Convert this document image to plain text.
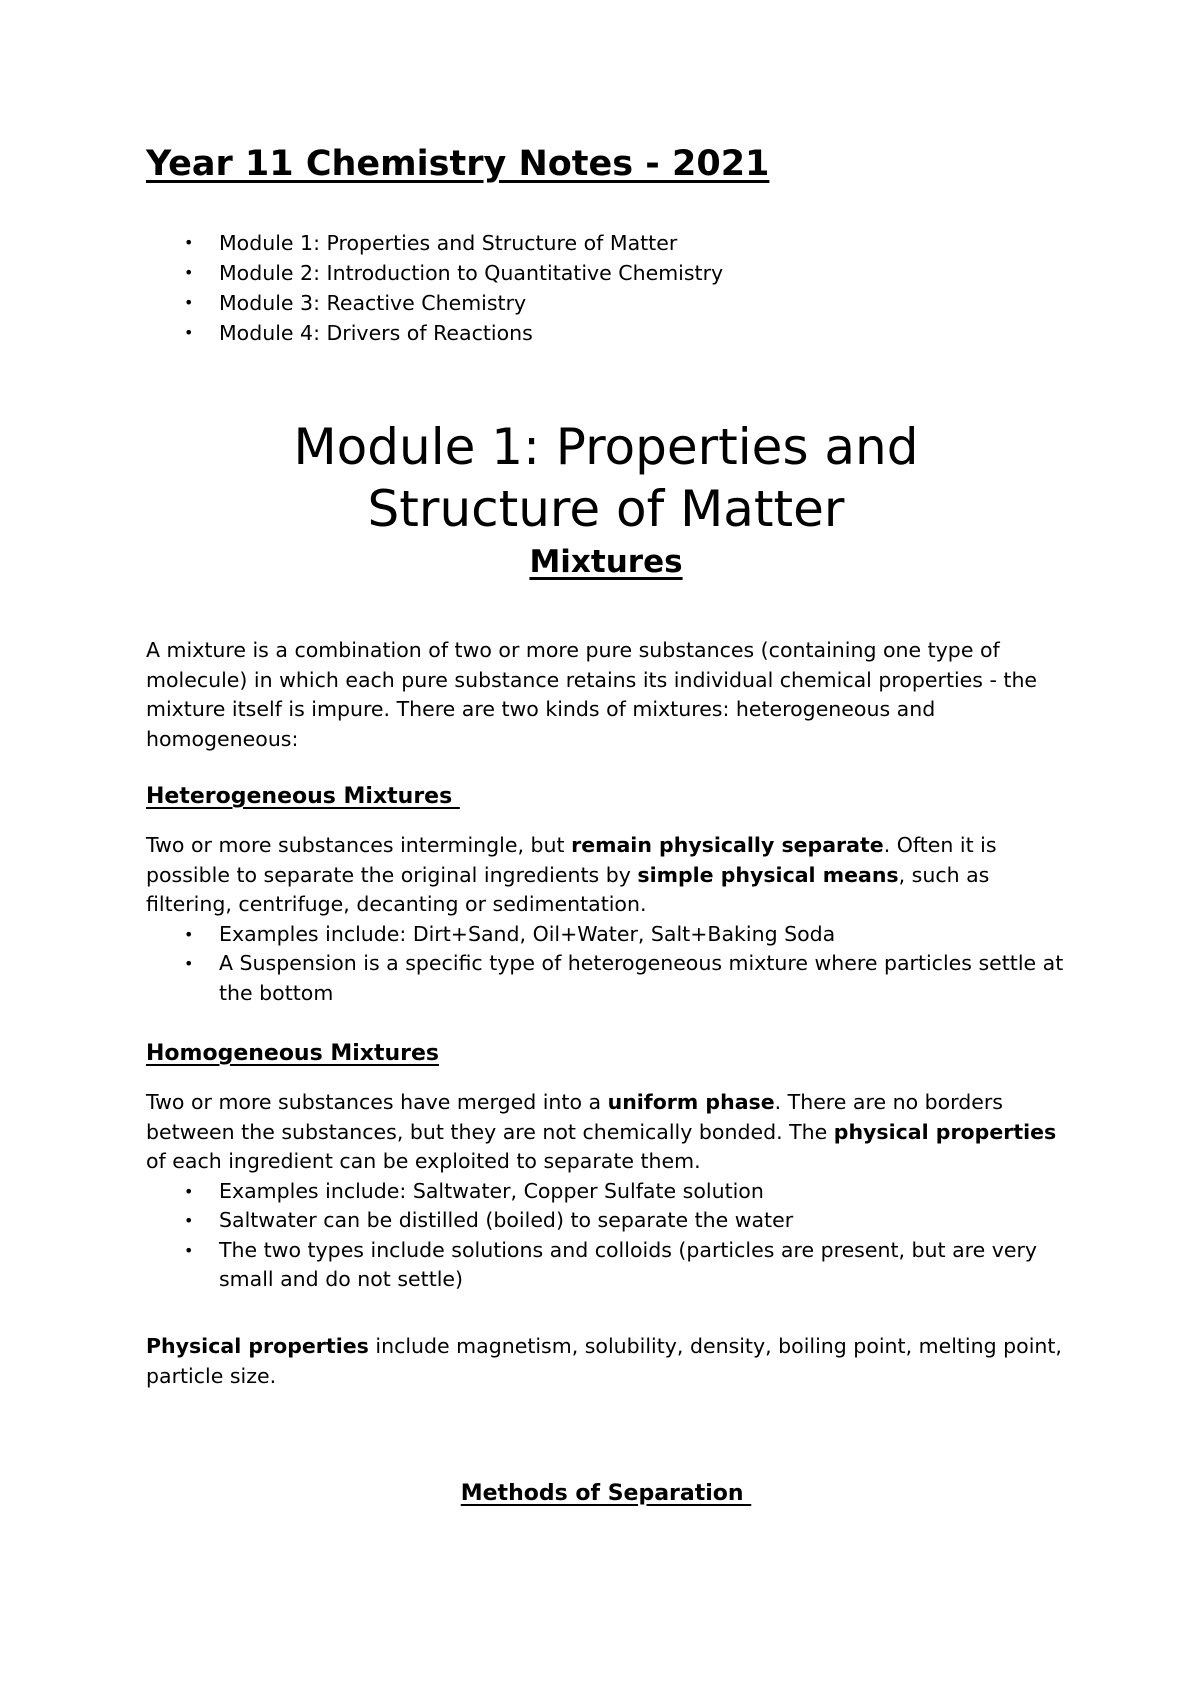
Year 11 Chemistry Notes - 2021
• Module 1: Properties and Structure of Matter
• Module 2: Introduction to Quantitative Chemistry
• Module 3: Reactive Chemistry
• Module 4: Drivers of Reactions
Module 1: Properties and
Structure of Matter
Mixtures

A mixture is a combination of two or more pure substances (containing one type of molecule) in which each pure substance retains its individual chemical properties - the mixture itself is impure. There are two kinds of mixtures: heterogeneous and homogeneous:

Heterogeneous Mixtures

Two or more substances intermingle, but remain physically separate. Often it is possible to separate the original ingredients by simple physical means, such as filtering, centrifuge, decanting or sedimentation.

• Examples include: Dirt+Sand, Oil+Water, Salt+Baking Soda
• A Suspension is a specific type of heterogeneous mixture where particles settle at the bottom
Homogeneous Mixtures

Two or more substances have merged into a uniform phase. There are no borders between the substances, but they are not chemically bonded. The physical properties of each ingredient can be exploited to separate them.

• Examples include: Saltwater, Copper Sulfate solution
• Saltwater can be distilled (boiled) to separate the water
• The two types include solutions and colloids (particles are present, but are very small and do not settle)

Physical properties include magnetism, solubility, density, boiling point, melting point, particle size.

Methods of Separation
